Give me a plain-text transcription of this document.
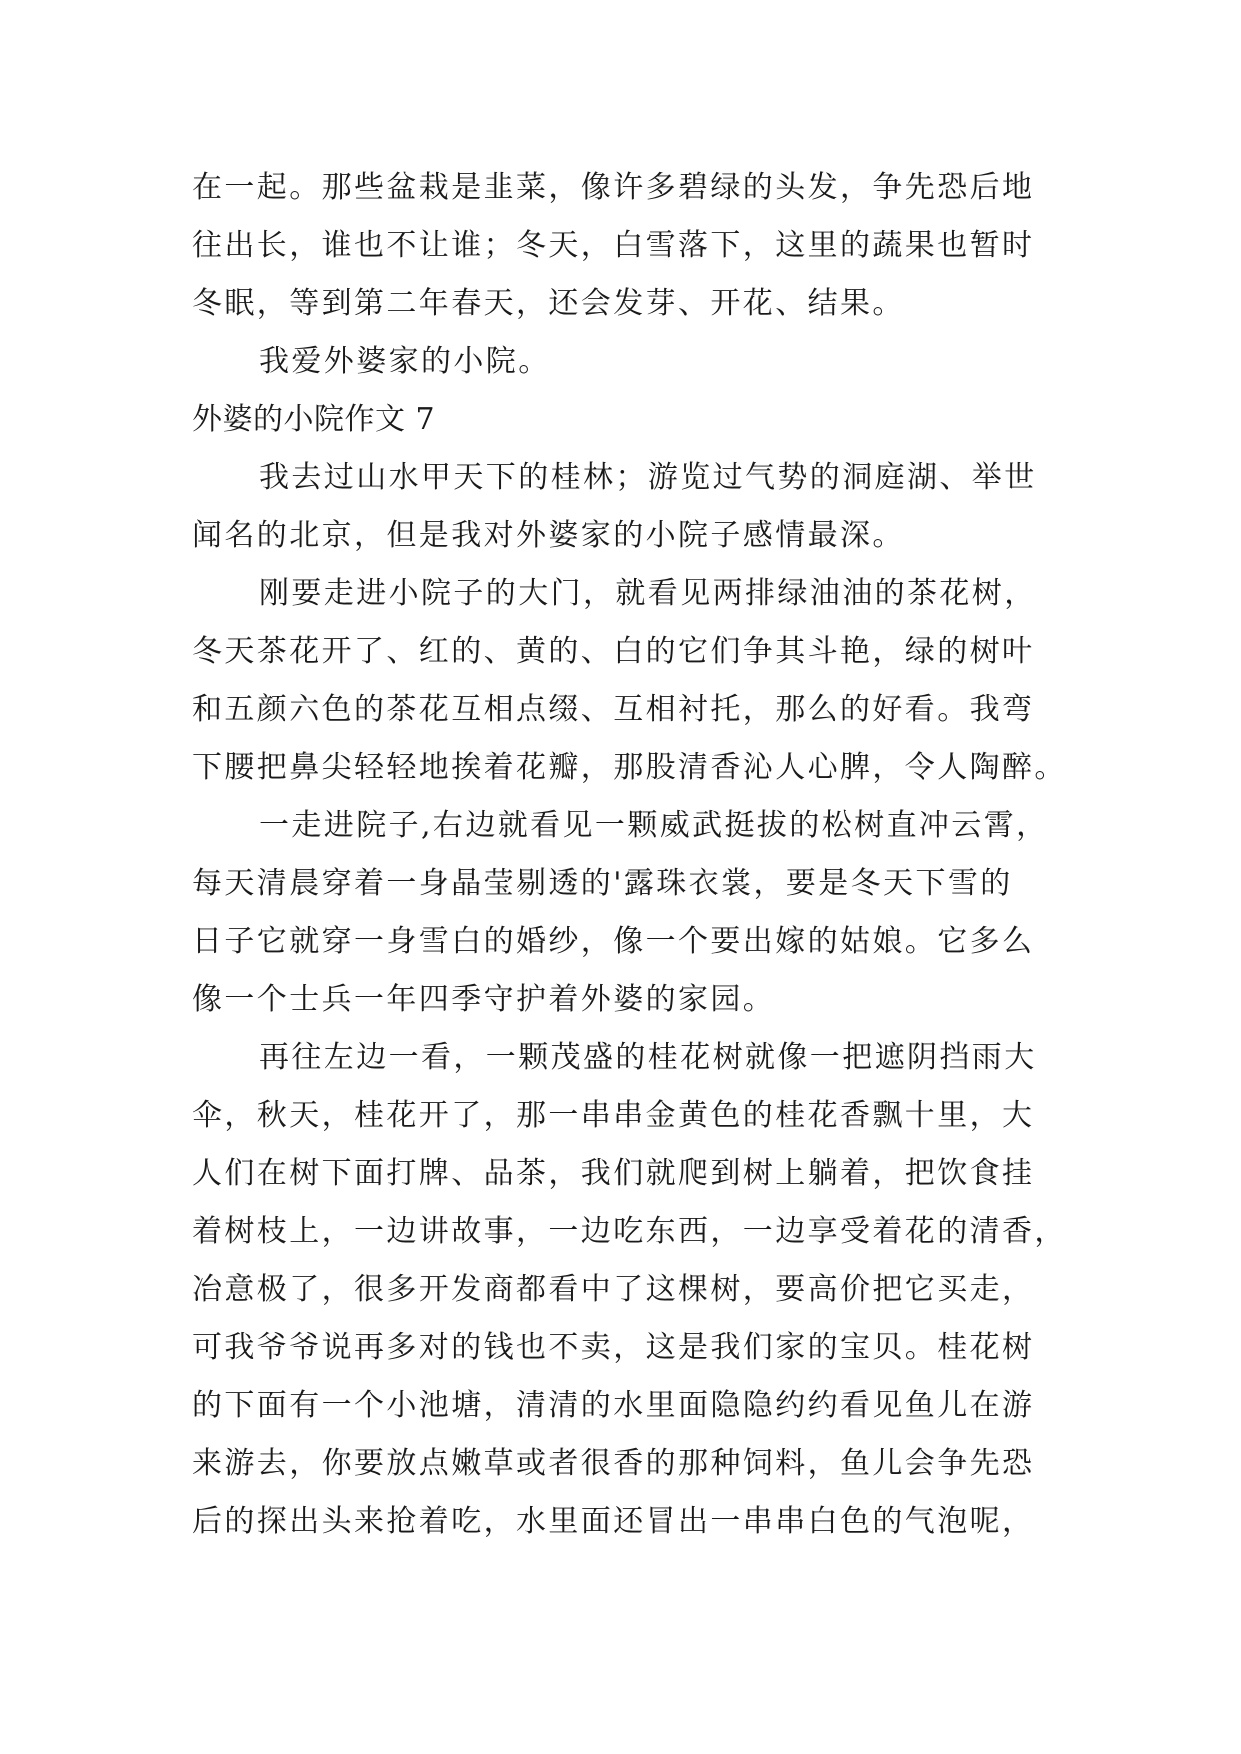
在一起。那些盆栽是韭菜，像许多碧绿的头发，争先恐后地
往出长，谁也不让谁；冬天，白雪落下，这里的蔬果也暂时
冬眠，等到第二年春天，还会发芽、开花、结果。
我爱外婆家的小院。
外婆的小院作文 7
我去过山水甲天下的桂林；游览过气势的洞庭湖、举世
闻名的北京，但是我对外婆家的小院子感情最深。
刚要走进小院子的大门，就看见两排绿油油的茶花树，
冬天茶花开了、红的、黄的、白的它们争其斗艳，绿的树叶
和五颜六色的茶花互相点缀、互相衬托，那么的好看。我弯
下腰把鼻尖轻轻地挨着花瓣，那股清香沁人心脾，令人陶醉。
一走进院子,右边就看见一颗威武挺拔的松树直冲云霄，
每天清晨穿着一身晶莹剔透的'露珠衣裳，要是冬天下雪的
日子它就穿一身雪白的婚纱，像一个要出嫁的姑娘。它多么
像一个士兵一年四季守护着外婆的家园。
再往左边一看，一颗茂盛的桂花树就像一把遮阴挡雨大
伞，秋天，桂花开了，那一串串金黄色的桂花香飘十里，大
人们在树下面打牌、品茶，我们就爬到树上躺着，把饮食挂
着树枝上，一边讲故事，一边吃东西，一边享受着花的清香，
冶意极了，很多开发商都看中了这棵树，要高价把它买走，
可我爷爷说再多对的钱也不卖，这是我们家的宝贝。桂花树
的下面有一个小池塘，清清的水里面隐隐约约看见鱼儿在游
来游去，你要放点嫩草或者很香的那种饲料，鱼儿会争先恐
后的探出头来抢着吃，水里面还冒出一串串白色的气泡呢，
